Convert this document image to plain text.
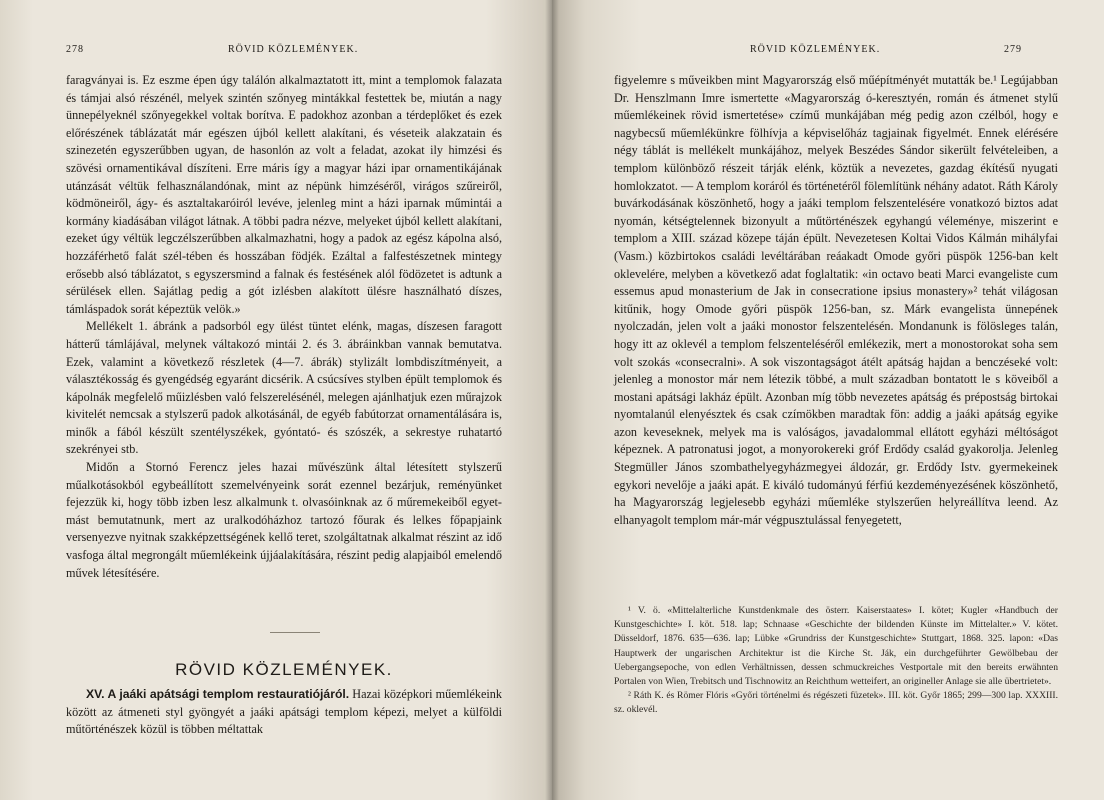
278	RÖVID KÖZLEMÉNYEK.

faragványai is. Ez eszme épen úgy találón alkalmaztatott itt, mint a templomok falazata és támjai alsó részénél, melyek szintén szőnyeg mintákkal festettek be, miután a nagy ünnepélyeknél szőnyegekkel voltak borítva. E padokhoz azonban a térdeplőket és ezek előrészének táblázatát már egészen újból kellett alakítani, és véseteik alakzatain és szinezetén egyszerűbben ugyan, de hasonlón az volt a feladat, azokat ily himzési és szövési ornamentikával díszíteni. Erre máris így a magyar házi ipar ornamentikájának utánzását véltük felhasználandónak, mint az népünk himzéséről, virágos szűreiről, ködmöneiről, ágy- és asztaltakaróiról levéve, jelenleg mint a házi iparnak műmintái a kormány kiadásában világot látnak. A többi padra nézve, melyeket újból kellett alakítani, ezeket úgy véltük legczélszerűbben alkalmazhatni, hogy a padok az egész kápolna alsó, hozzáférhető falát szél-tében és hosszában födjék. Ezáltal a falfestészetnek mintegy erősebb alsó táblázatot, s egyszersmind a falnak és festésének alól födözetet is adtunk a sérülések ellen. Sajátlag pedig a gót izlésben alakított ülésre használható díszes, támláspadok sorát képeztük velök.»

Mellékelt 1. ábránk a padsorból egy ülést tüntet elénk, magas, díszesen faragott hátterű támlájával, melynek váltakozó mintái 2. és 3. ábráinkban vannak bemutatva. Ezek, valamint a következő részletek (4—7. ábrák) stylizált lombdiszítményeit, a választékosság és gyengédség egyaránt dicsérik. A csúcsíves stylben épült templomok és kápolnák megfelelő műizlésben való felszerelésénél, melegen ajánlhatjuk ezen műrajzok kivitelét nemcsak a stylszerű padok alkotásánál, de egyéb fabútorzat ornamentálására is, minők a fából készült szentélyszékek, gyóntató- és szószék, a sekrestye ruhatartó szekrényei stb.

Midőn a Stornó Ferencz jeles hazai művészünk által létesített stylszerű műalkotásokból egybeállított szemelvényeink sorát ezennel bezárjuk, reményünket fejezzük ki, hogy több izben lesz alkalmunk t. olvasóinknak az ő műremekeiből egyet-mást bemutatnunk, mert az uralkodóházhoz tartozó főurak és lelkes főpapjaink versenyezve nyitnak szakképzettségének kellő teret, szolgáltatnak alkalmat részint az idő vasfoga által megrongált műemlékeink újjáalakítására, részint pedig alapjaiból emelendő művek létesítésére.

RÖVID KÖZLEMÉNYEK.

XV. A jaáki apátsági templom restauratiójáról. Hazai középkori műemlékeink között az átmeneti styl gyöngyét a jaáki apátsági templom képezi, melyet a külföldi műtörténészek közül is többen méltattak

RÖVID KÖZLEMÉNYEK.	279

figyelemre s műveikben mint Magyarország első műépítményét mutatták be.¹ Legújabban Dr. Henszlmann Imre ismertette «Magyarország ó-keresztyén, román és átmenet stylű műemlékeinek rövid ismertetése» czímű munkájában még pedig azon czélból, hogy e nagybecsű műemlékünkre fölhívja a képviselőház tagjainak figyelmét. Ennek elérésére négy táblát is mellékelt munkájához, melyek Beszédes Sándor sikerült felvételeiben, a templom különböző részeit tárják elénk, köztük a nevezetes, gazdag ékítésű nyugati homlokzatot. — A templom koráról és történetéről fölemlítünk néhány adatot. Ráth Károly buvárkodásának köszönhető, hogy a jaáki templom felszentelésére vonatkozó biztos adat nyomán, kétségtelennek bizonyult a műtörténészek egyhangú véleménye, miszerint e templom a XIII. század közepe táján épült. Nevezetesen Koltai Vidos Kálmán mihályfai (Vasm.) közbirtokos családi levéltárában reáakadt Omode győri püspök 1256-ban kelt oklevelére, melyben a következő adat foglaltatik: «in octavo beati Marci evangeliste cum essemus apud monasterium de Jak in consecratione ipsius monastery»² tehát világosan kitűnik, hogy Omode győri püspök 1256-ban, sz. Márk evangelista ünnepének nyolczadán, jelen volt a jaáki monostor felszentelésén. Mondanunk is fölösleges talán, hogy itt az oklevél a templom felszenteléséről emlékezik, mert a monostorokat soha sem volt szokás «consecralni». A sok viszontagságot átélt apátság hajdan a benczéseké volt: jelenleg a monostor már nem létezik többé, a mult században bontatott le s köveiből a mostani apátsági lakház épült. Azonban míg több nevezetes apátság és prépostság birtokai nyomtalanúl elenyésztek és csak czímökben maradtak fön: addig a jaáki apátság egyike azon keveseknek, melyek ma is valóságos, javadalommal ellátott egyházi méltóságot képeznek. A patronatusi jogot, a monyorokereki gróf Erdődy család gyakorolja. Jelenleg Stegmüller János szombathelyegyházmegyei áldozár, gr. Erdődy Istv. gyermekeinek egykori nevelője a jaáki apát. E kiváló tudományú férfiú kezdeményezésének köszönhető, ha Magyarország legjelesebb egyházi műemléke stylszerűen helyreállítva leend. Az elhanyagolt templom már-már végpusztulással fenyegetett,

¹ V. ö. «Mittelalterliche Kunstdenkmale des österr. Kaiserstaates» I. kötet; Kugler «Handbuch der Kunstgeschichte» I. köt. 518. lap; Schnaase «Geschichte der bildenden Künste im Mittelalter.» V. kötet. Düsseldorf, 1876. 635—636. lap; Lübke «Grundriss der Kunstgeschichte» Stuttgart, 1868. 325. lapon: «Das Hauptwerk der ungarischen Architektur ist die Kirche St. Ják, ein durchgeführter Gewölbebau der Uebergangsepoche, von edlen Verhältnissen, dessen schmuckreiches Vestportale mit den bereits erwähnten Portalen von Wien, Trebitsch und Tischnowitz an Reichthum wetteifert, an origineller Anlage sie alle übertrietet».

² Ráth K. és Römer Flóris «Győri történelmi és régészeti füzetek». III. köt. Győr 1865; 299—300 lap. XXXIII. sz. oklevél.
